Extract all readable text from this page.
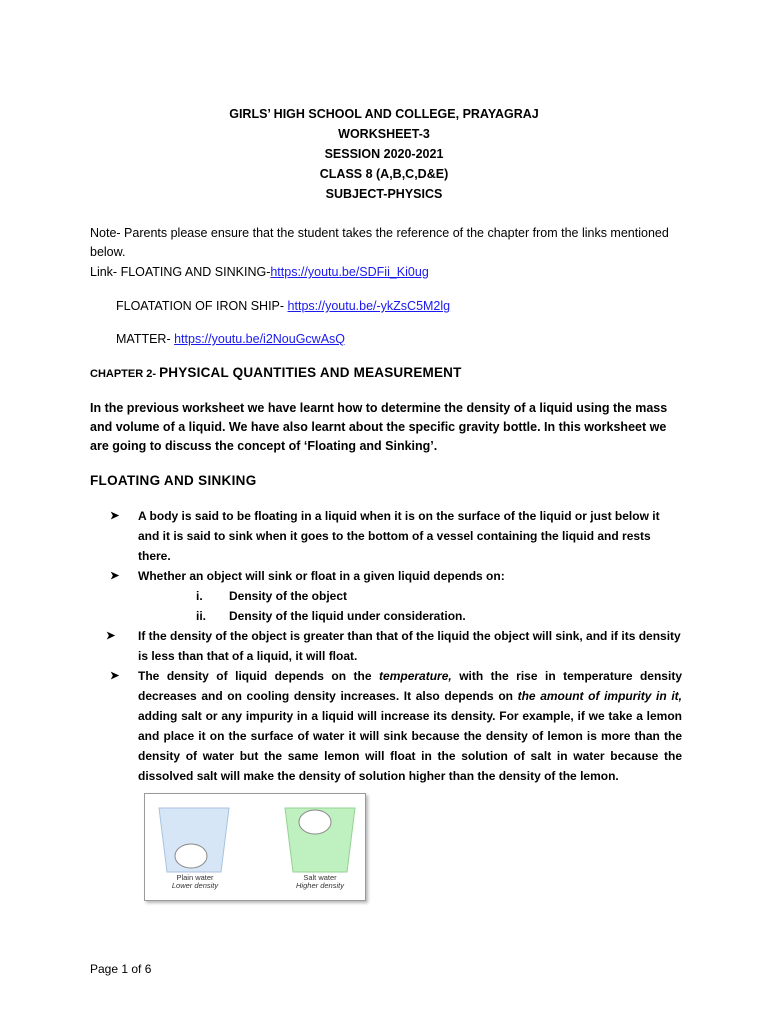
GIRLS’ HIGH SCHOOL AND COLLEGE, PRAYAGRAJ
WORKSHEET-3
SESSION 2020-2021
CLASS 8 (A,B,C,D&E)
SUBJECT-PHYSICS
Note- Parents please ensure that the student takes the reference of the chapter from the links mentioned below.
Link- FLOATING AND SINKING-https://youtu.be/SDFii_Ki0ug
FLOATATION OF IRON SHIP- https://youtu.be/-ykZsC5M2lg
MATTER- https://youtu.be/i2NouGcwAsQ
CHAPTER 2- PHYSICAL QUANTITIES AND MEASUREMENT
In the previous worksheet we have learnt how to determine the density of a liquid using the mass and volume of a liquid. We have also learnt about the specific gravity bottle. In this worksheet we are going to discuss the concept of ‘Floating and Sinking’.
FLOATING AND SINKING
➤ A body is said to be floating in a liquid when it is on the surface of the liquid or just below it and it is said to sink when it goes to the bottom of a vessel containing the liquid and rests there.
➤ Whether an object will sink or float in a given liquid depends on:
i. Density of the object
ii. Density of the liquid under consideration.
➤ If the density of the object is greater than that of the liquid the object will sink, and if its density is less than that of a liquid, it will float.
➤ The density of liquid depends on the temperature, with the rise in temperature density decreases and on cooling density increases. It also depends on the amount of impurity in it, adding salt or any impurity in a liquid will increase its density. For example, if we take a lemon and place it on the surface of water it will sink because the density of lemon is more than the density of water but the same lemon will float in the solution of salt in water because the dissolved salt will make the density of solution higher than the density of the lemon.
Plain water
Lower density
Salt water
Higher density
Page 1 of 6
